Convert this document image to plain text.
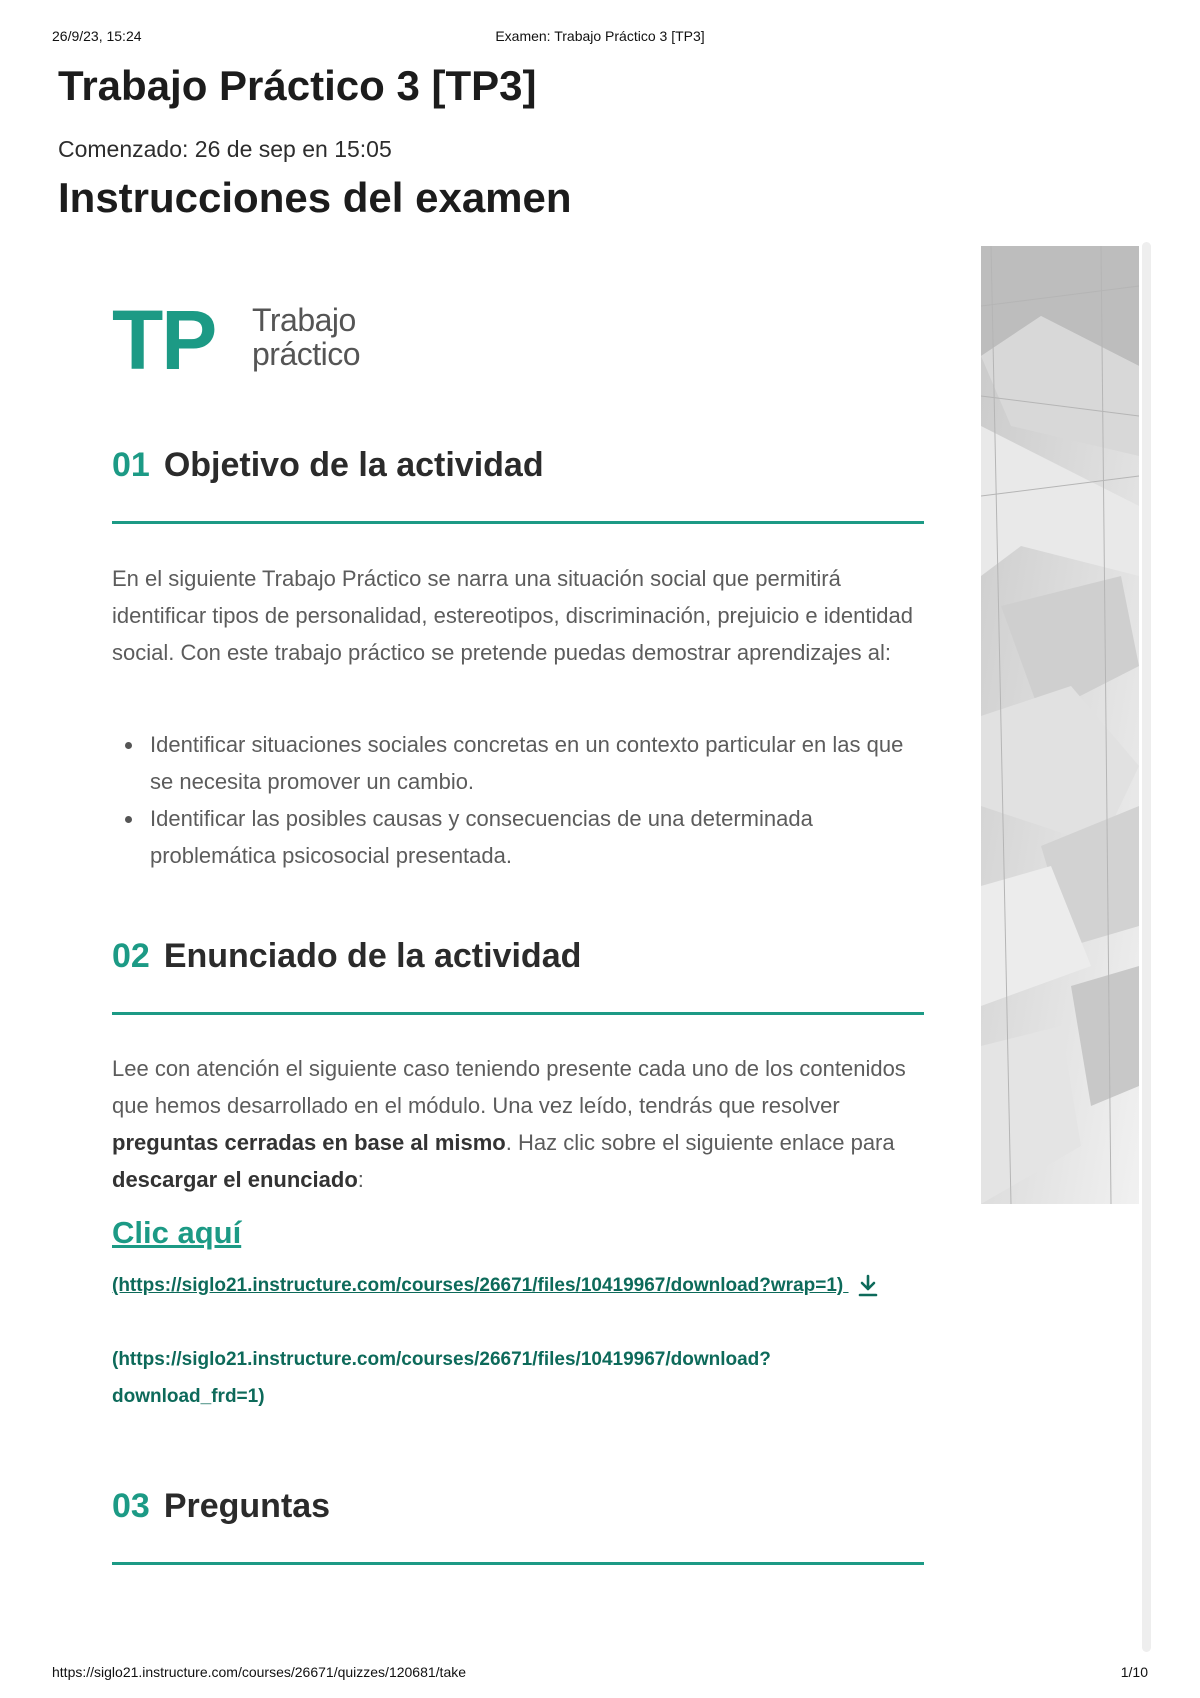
26/9/23, 15:24	Examen: Trabajo Práctico 3 [TP3]
Trabajo Práctico 3 [TP3]
Comenzado: 26 de sep en 15:05
Instrucciones del examen
TP Trabajo
práctico
01 Objetivo de la actividad

En el siguiente Trabajo Práctico se narra una situación social que permitirá identificar tipos de personalidad, estereotipos, discriminación, prejuicio e identidad social. Con este trabajo práctico se pretende puedas demostrar aprendizajes al:

Identificar situaciones sociales concretas en un contexto particular en las que se necesita promover un cambio.
Identificar las posibles causas y consecuencias de una determinada problemática psicosocial presentada.
02 Enunciado de la actividad

Lee con atención el siguiente caso teniendo presente cada uno de los contenidos que hemos desarrollado en el módulo. Una vez leído, tendrás que resolver preguntas cerradas en base al mismo. Haz clic sobre el siguiente enlace para descargar el enunciado:

Clic aquí
(https://siglo21.instructure.com/courses/26671/files/10419967/download?wrap=1)
(https://siglo21.instructure.com/courses/26671/files/10419967/download?download_frd=1)
03 Preguntas
https://siglo21.instructure.com/courses/26671/quizzes/120681/take	1/10
